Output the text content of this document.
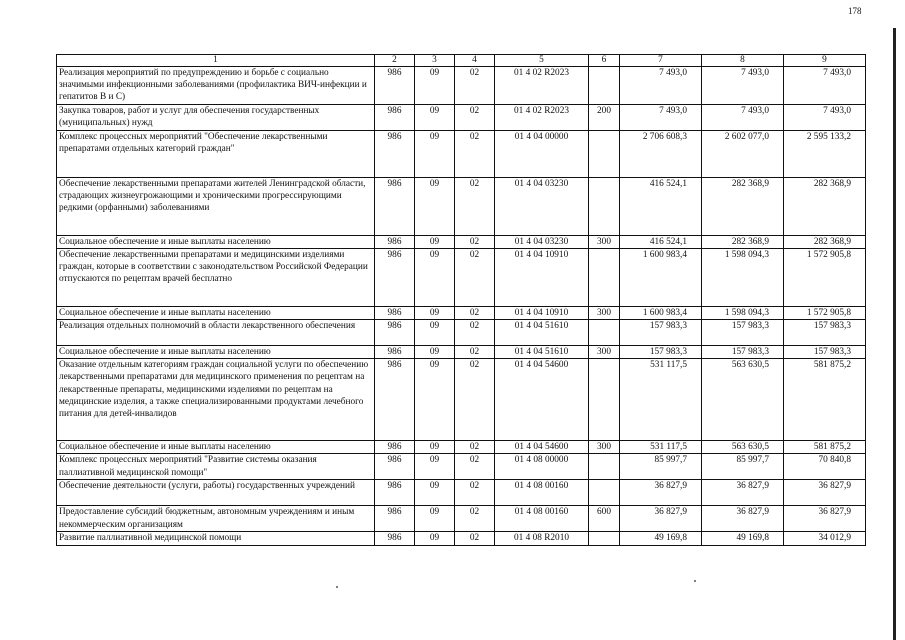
178
1	2	3	4	5	6	7	8	9
Реализация мероприятий по предупреждению и борьбе с социально значимыми инфекционными заболеваниями (профилактика ВИЧ-инфекции и гепатитов В и С)	986	09	02	01 4 02 R2023		7 493,0	7 493,0	7 493,0
Закупка товаров, работ и услуг для обеспечения государственных (муниципальных) нужд	986	09	02	01 4 02 R2023	200	7 493,0	7 493,0	7 493,0
Комплекс процессных мероприятий "Обеспечение лекарственными препаратами отдельных категорий граждан"	986	09	02	01 4 04 00000		2 706 608,3	2 602 077,0	2 595 133,2
Обеспечение лекарственными препаратами жителей Ленинградской области, страдающих жизнеугрожающими и хроническими прогрессирующими редкими (орфанными) заболеваниями	986	09	02	01 4 04 03230		416 524,1	282 368,9	282 368,9
Социальное обеспечение и иные выплаты населению	986	09	02	01 4 04 03230	300	416 524,1	282 368,9	282 368,9
Обеспечение лекарственными препаратами и медицинскими изделиями граждан, которые в соответствии с законодательством Российской Федерации отпускаются по рецептам врачей бесплатно	986	09	02	01 4 04 10910		1 600 983,4	1 598 094,3	1 572 905,8
Социальное обеспечение и иные выплаты населению	986	09	02	01 4 04 10910	300	1 600 983,4	1 598 094,3	1 572 905,8
Реализация отдельных полномочий в области лекарственного обеспечения	986	09	02	01 4 04 51610		157 983,3	157 983,3	157 983,3
Социальное обеспечение и иные выплаты населению	986	09	02	01 4 04 51610	300	157 983,3	157 983,3	157 983,3
Оказание отдельным категориям граждан социальной услуги по обеспечению лекарственными препаратами для медицинского применения по рецептам на лекарственные препараты, медицинскими изделиями по рецептам на медицинские изделия, а также специализированными продуктами лечебного питания для детей-инвалидов	986	09	02	01 4 04 54600		531 117,5	563 630,5	581 875,2
Социальное обеспечение и иные выплаты населению	986	09	02	01 4 04 54600	300	531 117,5	563 630,5	581 875,2
Комплекс процессных мероприятий "Развитие системы оказания паллиативной медицинской помощи"	986	09	02	01 4 08 00000		85 997,7	85 997,7	70 840,8
Обеспечение деятельности (услуги, работы) государственных учреждений	986	09	02	01 4 08 00160		36 827,9	36 827,9	36 827,9
Предоставление субсидий бюджетным, автономным учреждениям и иным некоммерческим организациям	986	09	02	01 4 08 00160	600	36 827,9	36 827,9	36 827,9
Развитие паллиативной медицинской помощи	986	09	02	01 4 08 R2010		49 169,8	49 169,8	34 012,9
